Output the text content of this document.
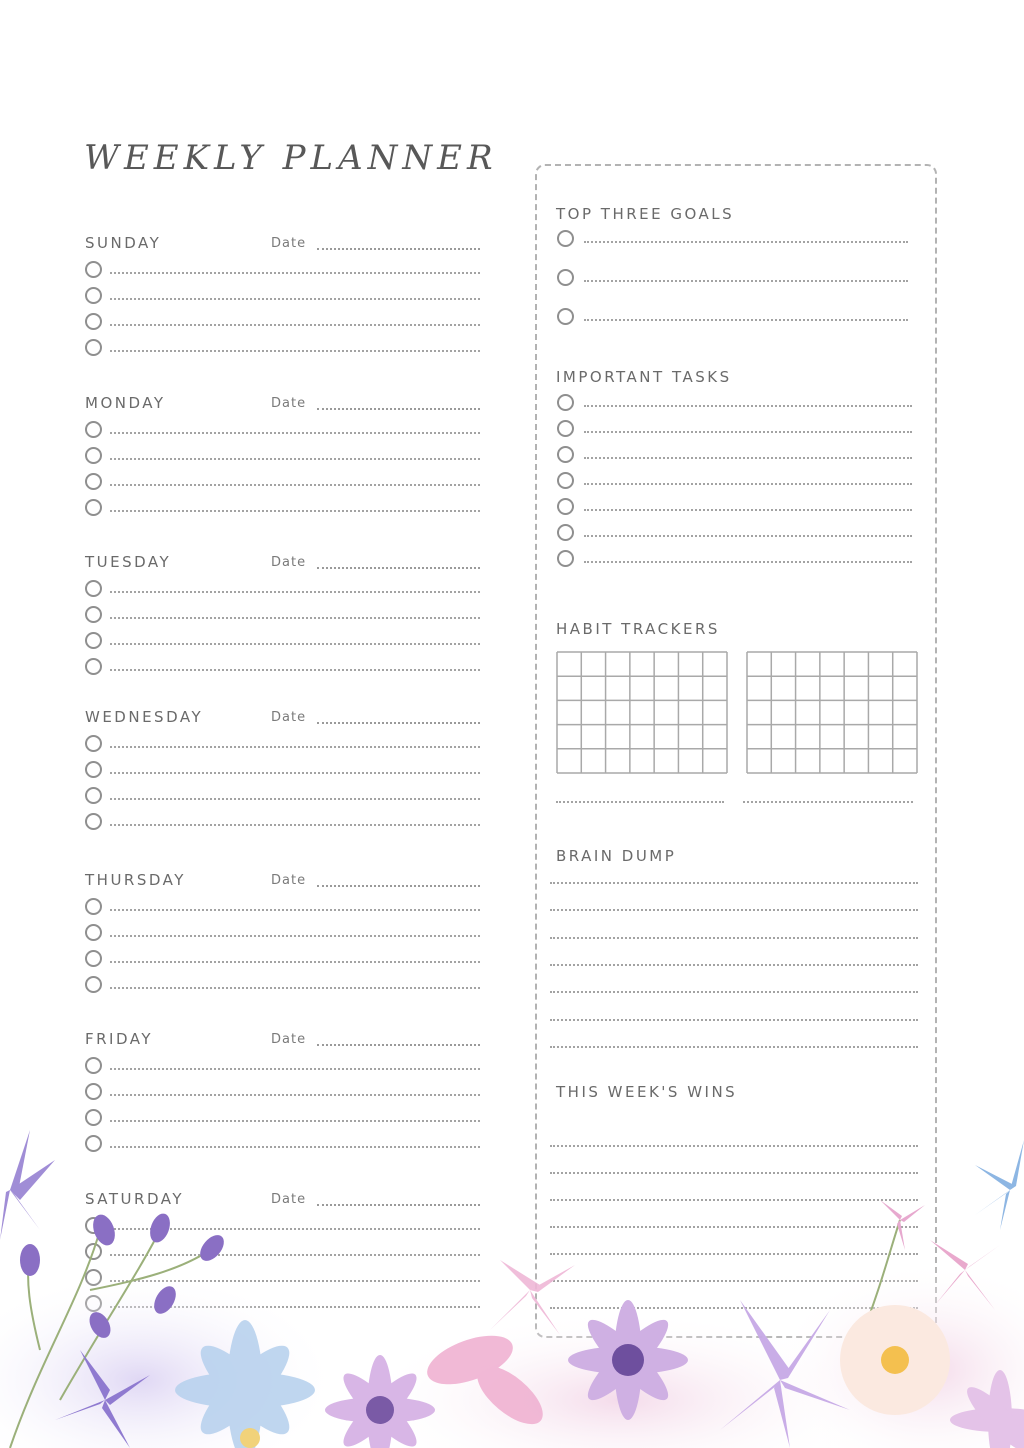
WEEKLY PLANNER
SUNDAY	Date
MONDAY	Date
TUESDAY	Date
WEDNESDAY	Date
THURSDAY	Date
FRIDAY	Date
SATURDAY	Date
TOP THREE GOALS
IMPORTANT TASKS
HABIT TRACKERS
BRAIN DUMP
THIS WEEK'S WINS
